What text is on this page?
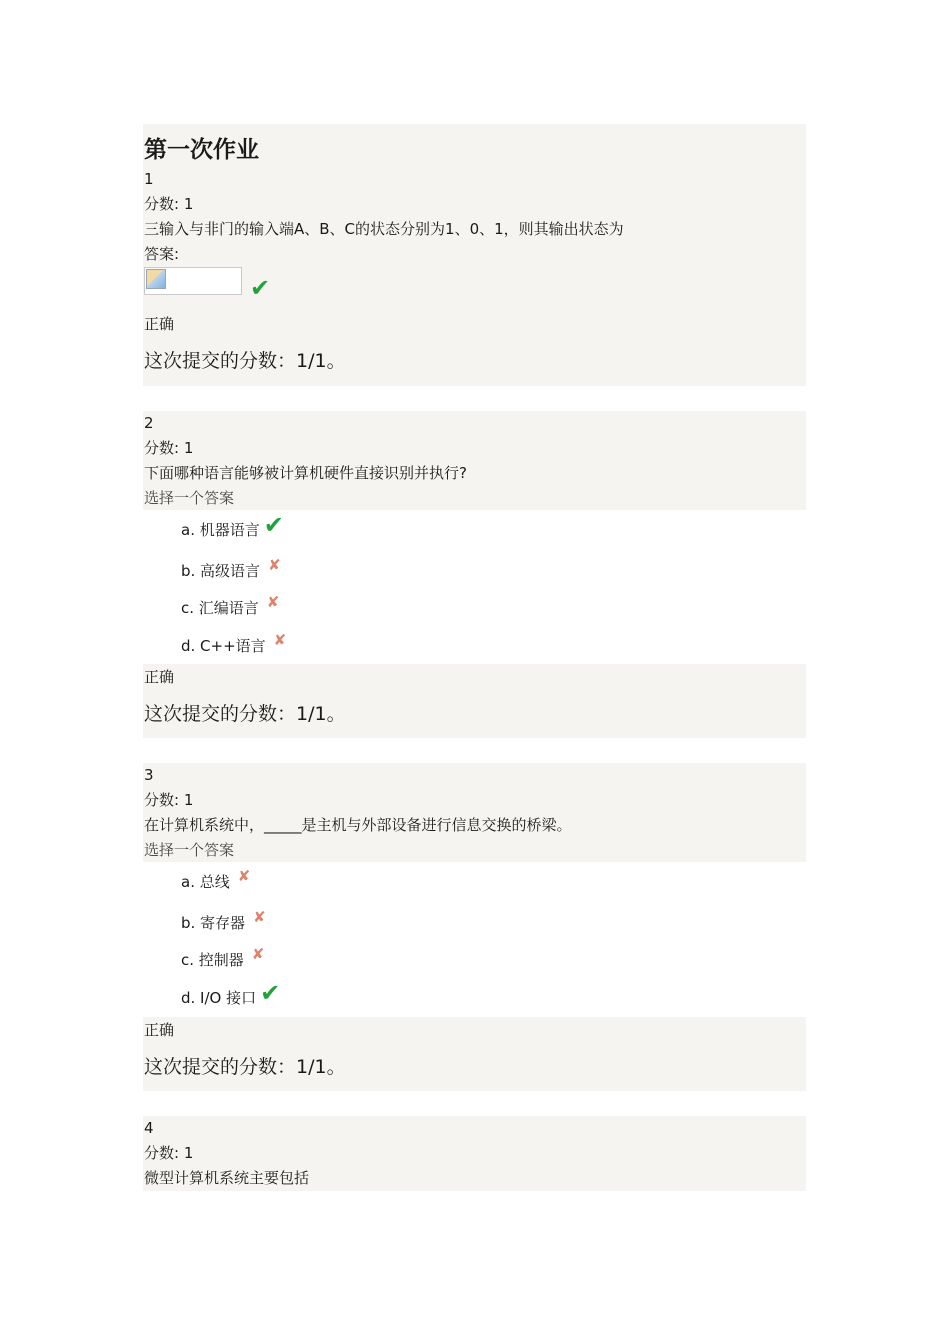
第一次作业
1
分数: 1
三输入与非门的输入端A、B、C的状态分别为1、0、1，则其输出状态为
答案:
✔
正确
这次提交的分数：1/1。
2
分数: 1
下面哪种语言能够被计算机硬件直接识别并执行?
选择一个答案
a. 机器语言 ✔
b. 高级语言 ✘
c. 汇编语言 ✘
d. C++语言 ✘
正确
这次提交的分数：1/1。
3
分数: 1
在计算机系统中，_____是主机与外部设备进行信息交换的桥梁。
选择一个答案
a. 总线 ✘
b. 寄存器 ✘
c. 控制器 ✘
d. I/O 接口 ✔
正确
这次提交的分数：1/1。
4
分数: 1
微型计算机系统主要包括
